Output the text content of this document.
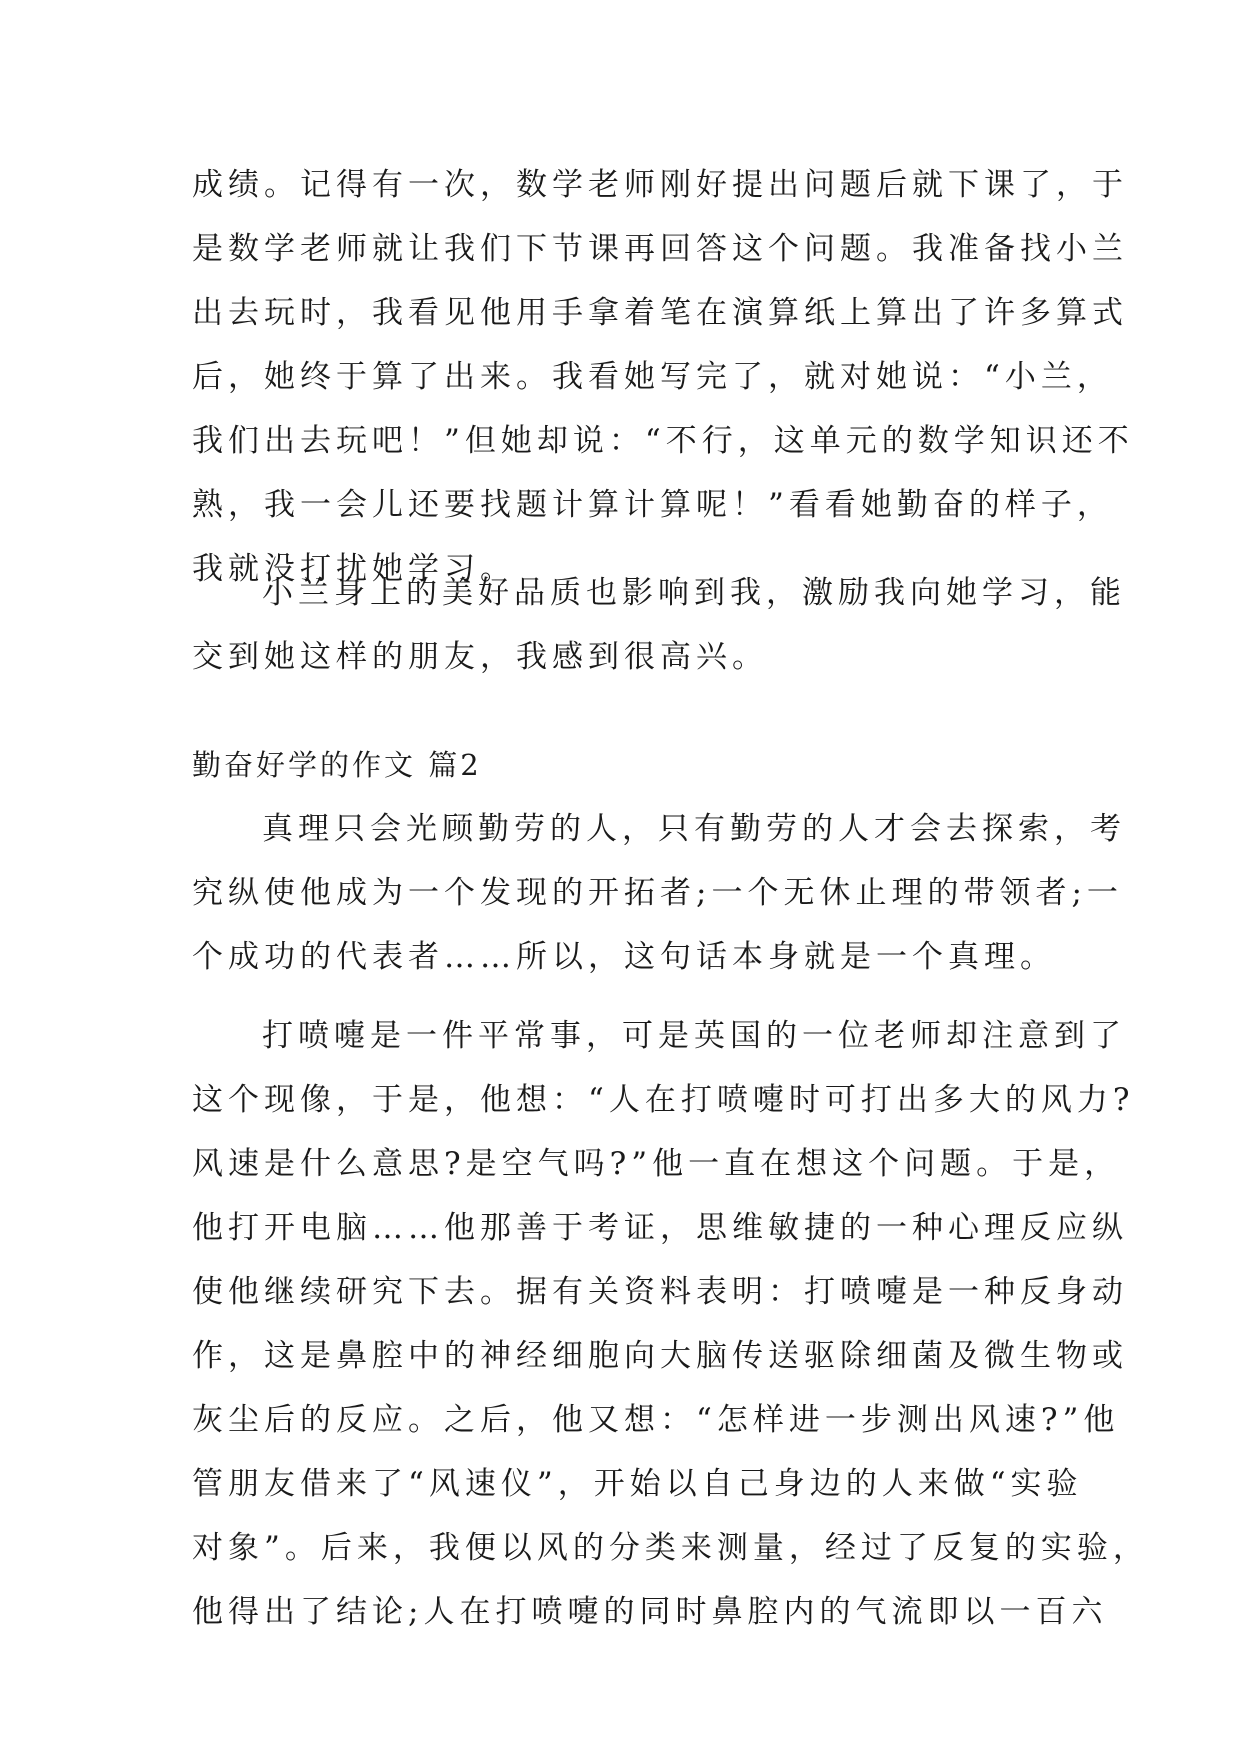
成绩。记得有一次，数学老师刚好提出问题后就下课了，于
是数学老师就让我们下节课再回答这个问题。我准备找小兰
出去玩时，我看见他用手拿着笔在演算纸上算出了许多算式
后，她终于算了出来。我看她写完了，就对她说：“小兰，
我们出去玩吧！”但她却说：“不行，这单元的数学知识还不
熟，我一会儿还要找题计算计算呢！”看看她勤奋的样子，
我就没打扰她学习。
小兰身上的美好品质也影响到我，激励我向她学习，能
交到她这样的朋友，我感到很高兴。
勤奋好学的作文 篇2
真理只会光顾勤劳的人，只有勤劳的人才会去探索，考
究纵使他成为一个发现的开拓者;一个无休止理的带领者;一
个成功的代表者……所以，这句话本身就是一个真理。
打喷嚏是一件平常事，可是英国的一位老师却注意到了
这个现像，于是，他想：“人在打喷嚏时可打出多大的风力?
风速是什么意思?是空气吗?”他一直在想这个问题。于是，
他打开电脑……他那善于考证，思维敏捷的一种心理反应纵
使他继续研究下去。据有关资料表明：打喷嚏是一种反身动
作，这是鼻腔中的神经细胞向大脑传送驱除细菌及微生物或
灰尘后的反应。之后，他又想：“怎样进一步测出风速?”他
管朋友借来了“风速仪”，开始以自己身边的人来做“实验
对象”。后来，我便以风的分类来测量，经过了反复的实验，
他得出了结论;人在打喷嚏的同时鼻腔内的气流即以一百六
